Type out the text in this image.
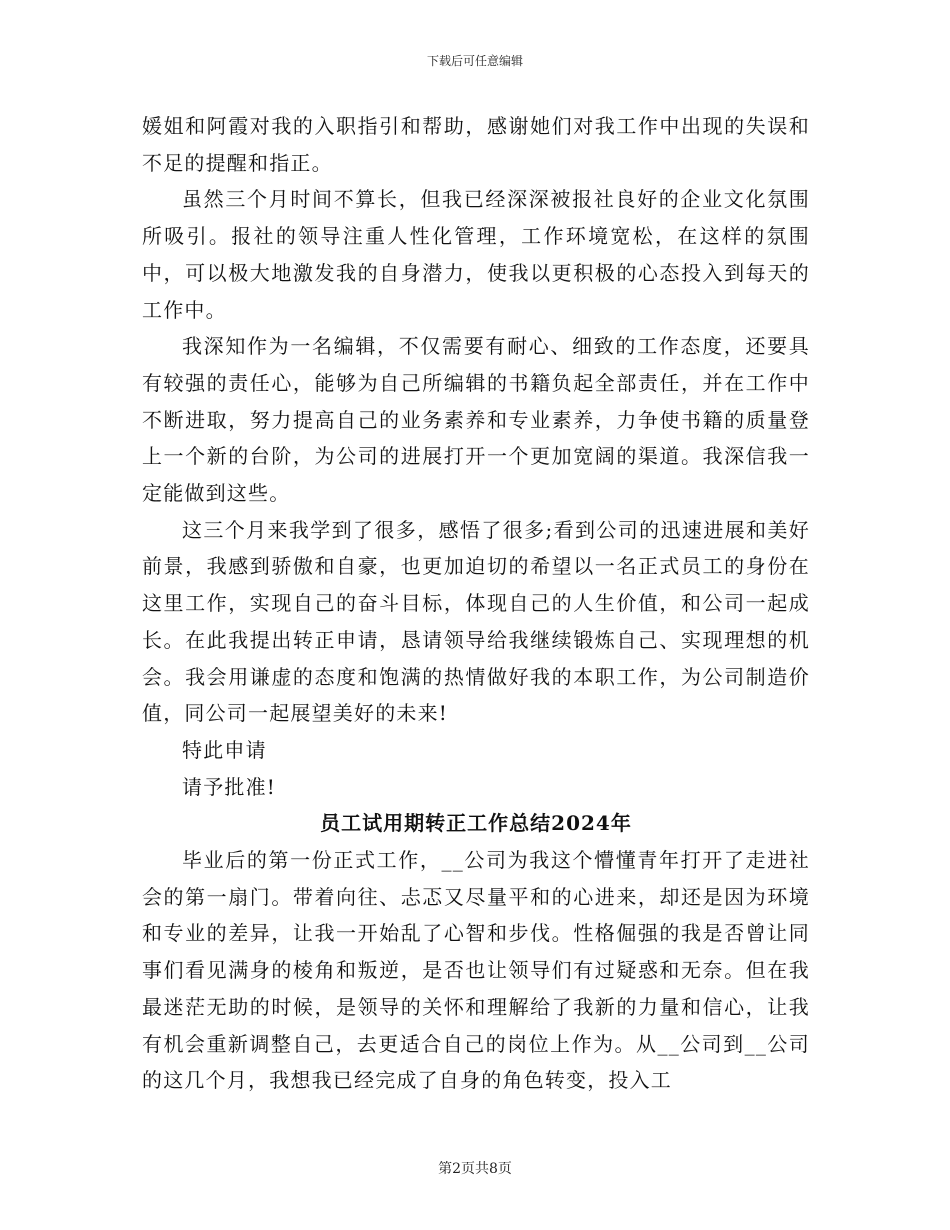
下载后可任意编辑

媛姐和阿霞对我的入职指引和帮助，感谢她们对我工作中出现的失误和不足的提醒和指正。

虽然三个月时间不算长，但我已经深深被报社良好的企业文化氛围所吸引。报社的领导注重人性化管理，工作环境宽松，在这样的氛围中，可以极大地激发我的自身潜力，使我以更积极的心态投入到每天的工作中。

我深知作为一名编辑，不仅需要有耐心、细致的工作态度，还要具有较强的责任心，能够为自己所编辑的书籍负起全部责任，并在工作中不断进取，努力提高自己的业务素养和专业素养，力争使书籍的质量登上一个新的台阶，为公司的进展打开一个更加宽阔的渠道。我深信我一定能做到这些。

这三个月来我学到了很多，感悟了很多;看到公司的迅速进展和美好前景，我感到骄傲和自豪，也更加迫切的希望以一名正式员工的身份在这里工作，实现自己的奋斗目标，体现自己的人生价值，和公司一起成长。在此我提出转正申请，恳请领导给我继续锻炼自己、实现理想的机会。我会用谦虚的态度和饱满的热情做好我的本职工作，为公司制造价值，同公司一起展望美好的未来!

特此申请

请予批准!

员工试用期转正工作总结2024年

毕业后的第一份正式工作，__公司为我这个懵懂青年打开了走进社会的第一扇门。带着向往、忐忑又尽量平和的心进来，却还是因为环境和专业的差异，让我一开始乱了心智和步伐。性格倔强的我是否曾让同事们看见满身的棱角和叛逆，是否也让领导们有过疑惑和无奈。但在我最迷茫无助的时候，是领导的关怀和理解给了我新的力量和信心，让我有机会重新调整自己，去更适合自己的岗位上作为。从__公司到__公司的这几个月，我想我已经完成了自身的角色转变，投入工

第2页共8页
